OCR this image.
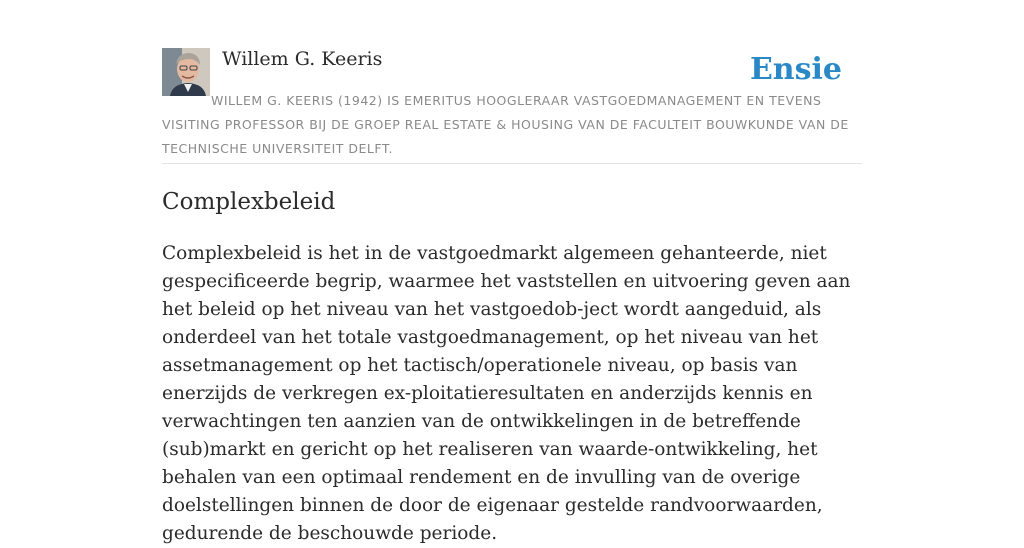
Willem G. Keeris	Ensie
WILLEM G. KEERIS (1942) IS EMERITUS HOOGLERAAR VASTGOEDMANAGEMENT EN TEVENS VISITING PROFESSOR BIJ DE GROEP REAL ESTATE & HOUSING VAN DE FACULTEIT BOUWKUNDE VAN DE TECHNISCHE UNIVERSITEIT DELFT.
Complexbeleid

Complexbeleid is het in de vastgoedmarkt algemeen gehanteerde, niet gespecificeerde begrip, waarmee het vaststellen en uitvoering geven aan het beleid op het niveau van het vastgoedob-ject wordt aangeduid, als onderdeel van het totale vastgoedmanagement, op het niveau van het assetmanagement op het tactisch/operationele niveau, op basis van enerzijds de verkregen ex-ploitatieresultaten en anderzijds kennis en verwachtingen ten aanzien van de ontwikkelingen in de betreffende (sub)markt en gericht op het realiseren van waarde-ontwikkeling, het behalen van een optimaal rendement en de invulling van de overige doelstellingen binnen de door de eigenaar gestelde randvoorwaarden, gedurende de beschouwde periode.
